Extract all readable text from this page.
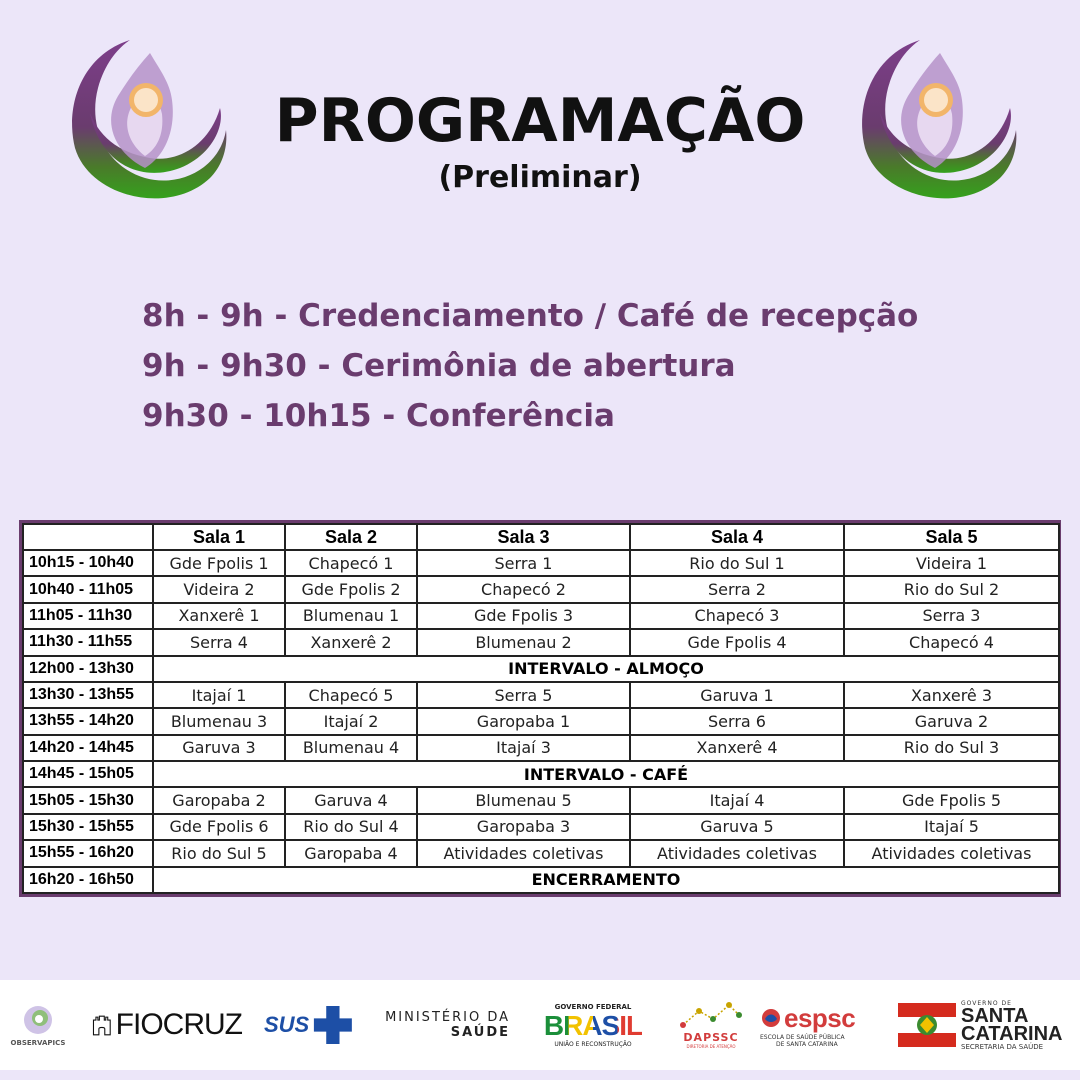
PROGRAMAÇÃO
(Preliminar)
8h - 9h - Credenciamento / Café de recepção
9h - 9h30 - Cerimônia de abertura
9h30 - 10h15 - Conferência
	Sala 1	Sala 2	Sala 3	Sala 4	Sala 5
10h15 - 10h40	Gde Fpolis 1	Chapecó 1	Serra 1	Rio do Sul 1	Videira 1
10h40 - 11h05	Videira 2	Gde Fpolis 2	Chapecó 2	Serra 2	Rio do Sul 2
11h05 - 11h30	Xanxerê 1	Blumenau 1	Gde Fpolis 3	Chapecó 3	Serra 3
11h30 - 11h55	Serra 4	Xanxerê 2	Blumenau 2	Gde Fpolis 4	Chapecó 4
12h00 - 13h30	INTERVALO - ALMOÇO				
13h30 - 13h55	Itajaí 1	Chapecó 5	Serra 5	Garuva 1	Xanxerê 3
13h55 - 14h20	Blumenau 3	Itajaí 2	Garopaba 1	Serra 6	Garuva 2
14h20 - 14h45	Garuva 3	Blumenau 4	Itajaí 3	Xanxerê 4	Rio do Sul 3
14h45 - 15h05	INTERVALO - CAFÉ				
15h05 - 15h30	Garopaba 2	Garuva 4	Blumenau 5	Itajaí 4	Gde Fpolis 5
15h30 - 15h55	Gde Fpolis 6	Rio do Sul 4	Garopaba 3	Garuva 5	Itajaí 5
15h55 - 16h20	Rio do Sul 5	Garopaba 4	Atividades coletivas	Atividades coletivas	Atividades coletivas
16h20 - 16h50	ENCERRAMENTO				
OBSERVAPICS
FIOCRUZ SUS	MINISTÉRIO DA
SAÚDE
GOVERNO FEDERAL
BRASIL
UNIÃO E RECONSTRUÇÃO	DAPSSC
DIRETORIA DE ATENÇÃO
espsc
ESCOLA DE SAÚDE PÚBLICA
DE SANTA CATARINA
GOVERNO DE
SANTA
CATARINA
SECRETARIA DA SAÚDE
